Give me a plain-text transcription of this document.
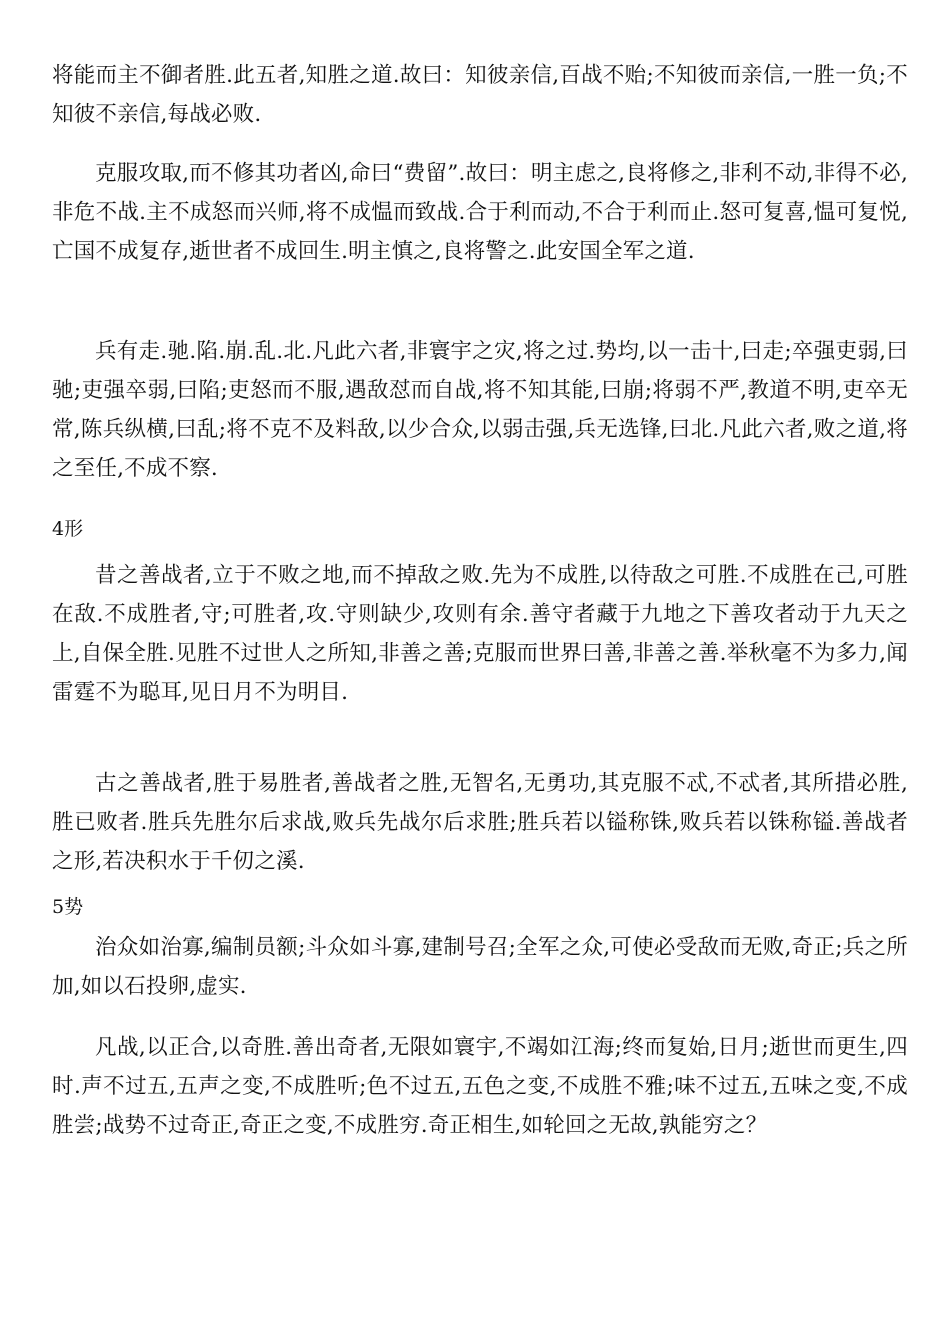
将能而主不御者胜.此五者,知胜之道.故曰：知彼亲信,百战不贻;不知彼而亲信,一胜一负;不知彼不亲信,每战必败.

克服攻取,而不修其功者凶,命曰“费留”.故曰：明主虑之,良将修之,非利不动,非得不必,非危不战.主不成怒而兴师,将不成愠而致战.合于利而动,不合于利而止.怒可复喜,愠可复悦,亡国不成复存,逝世者不成回生.明主慎之,良将警之.此安国全军之道.

兵有走.驰.陷.崩.乱.北.凡此六者,非寰宇之灾,将之过.势均,以一击十,曰走;卒强吏弱,曰驰;吏强卒弱,曰陷;吏怒而不服,遇敌怼而自战,将不知其能,曰崩;将弱不严,教道不明,吏卒无常,陈兵纵横,曰乱;将不克不及料敌,以少合众,以弱击强,兵无选锋,曰北.凡此六者,败之道,将之至任,不成不察.

4形

昔之善战者,立于不败之地,而不掉敌之败.先为不成胜,以待敌之可胜.不成胜在己,可胜在敌.不成胜者,守;可胜者,攻.守则缺少,攻则有余.善守者藏于九地之下善攻者动于九天之上,自保全胜.见胜不过世人之所知,非善之善;克服而世界曰善,非善之善.举秋毫不为多力,闻雷霆不为聪耳,见日月不为明目.

古之善战者,胜于易胜者,善战者之胜,无智名,无勇功,其克服不忒,不忒者,其所措必胜,胜已败者.胜兵先胜尔后求战,败兵先战尔后求胜;胜兵若以镒称铢,败兵若以铢称镒.善战者之形,若决积水于千仞之溪.

5势

治众如治寡,编制员额;斗众如斗寡,建制号召;全军之众,可使必受敌而无败,奇正;兵之所加,如以石投卵,虚实.

凡战,以正合,以奇胜.善出奇者,无限如寰宇,不竭如江海;终而复始,日月;逝世而更生,四时.声不过五,五声之变,不成胜听;色不过五,五色之变,不成胜不雅;味不过五,五味之变,不成胜尝;战势不过奇正,奇正之变,不成胜穷.奇正相生,如轮回之无故,孰能穷之？
